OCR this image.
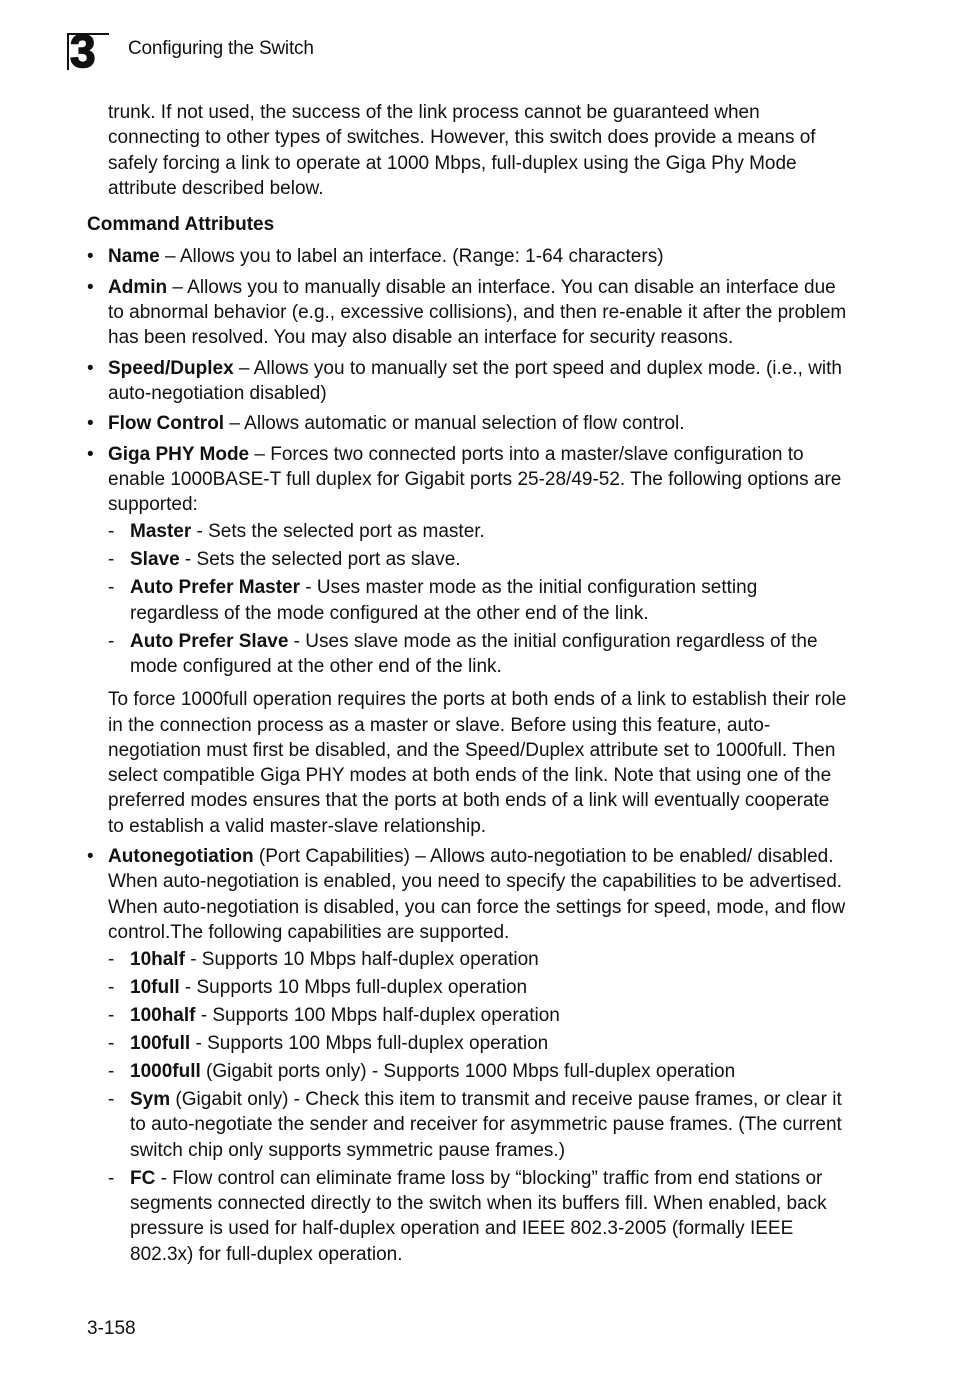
3 Configuring the Switch

trunk. If not used, the success of the link process cannot be guaranteed when connecting to other types of switches. However, this switch does provide a means of safely forcing a link to operate at 1000 Mbps, full-duplex using the Giga Phy Mode attribute described below.

Command Attributes

• Name – Allows you to label an interface. (Range: 1-64 characters)
• Admin – Allows you to manually disable an interface. You can disable an interface due to abnormal behavior (e.g., excessive collisions), and then re-enable it after the problem has been resolved. You may also disable an interface for security reasons.
• Speed/Duplex – Allows you to manually set the port speed and duplex mode. (i.e., with auto-negotiation disabled)
• Flow Control – Allows automatic or manual selection of flow control.
• Giga PHY Mode – Forces two connected ports into a master/slave configuration to enable 1000BASE-T full duplex for Gigabit ports 25-28/49-52. The following options are supported:
- Master - Sets the selected port as master.
- Slave - Sets the selected port as slave.
- Auto Prefer Master - Uses master mode as the initial configuration setting regardless of the mode configured at the other end of the link.
- Auto Prefer Slave - Uses slave mode as the initial configuration regardless of the mode configured at the other end of the link.

To force 1000full operation requires the ports at both ends of a link to establish their role in the connection process as a master or slave. Before using this feature, auto-negotiation must first be disabled, and the Speed/Duplex attribute set to 1000full. Then select compatible Giga PHY modes at both ends of the link. Note that using one of the preferred modes ensures that the ports at both ends of a link will eventually cooperate to establish a valid master-slave relationship.

• Autonegotiation (Port Capabilities) – Allows auto-negotiation to be enabled/ disabled. When auto-negotiation is enabled, you need to specify the capabilities to be advertised. When auto-negotiation is disabled, you can force the settings for speed, mode, and flow control.The following capabilities are supported.
- 10half - Supports 10 Mbps half-duplex operation
- 10full - Supports 10 Mbps full-duplex operation
- 100half - Supports 100 Mbps half-duplex operation
- 100full - Supports 100 Mbps full-duplex operation
- 1000full (Gigabit ports only) - Supports 1000 Mbps full-duplex operation
- Sym (Gigabit only) - Check this item to transmit and receive pause frames, or clear it to auto-negotiate the sender and receiver for asymmetric pause frames. (The current switch chip only supports symmetric pause frames.)
- FC - Flow control can eliminate frame loss by “blocking” traffic from end stations or segments connected directly to the switch when its buffers fill. When enabled, back pressure is used for half-duplex operation and IEEE 802.3-2005 (formally IEEE 802.3x) for full-duplex operation.
3-158
